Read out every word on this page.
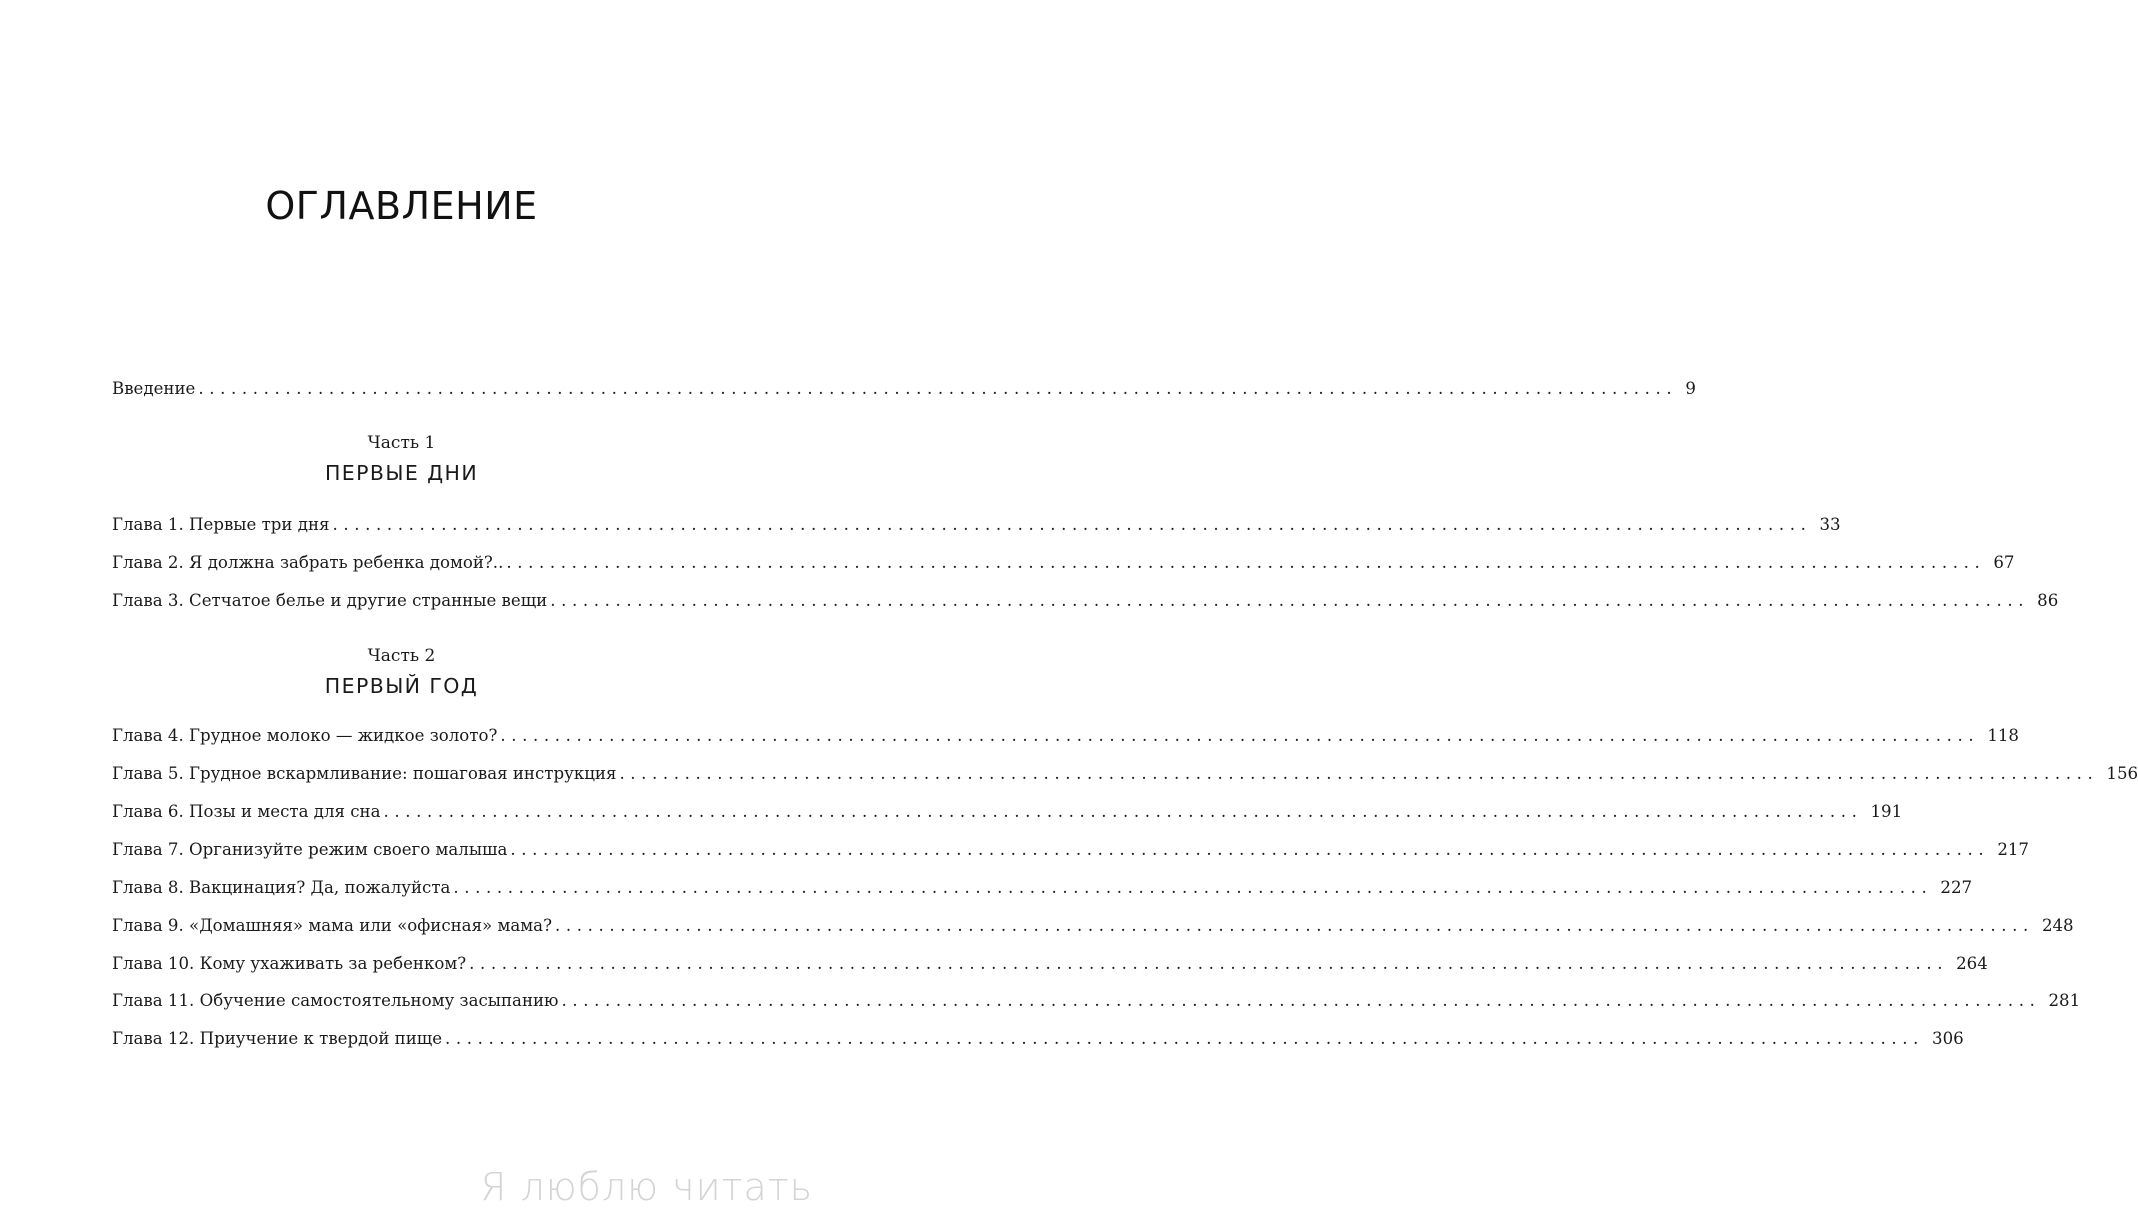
ОГЛАВЛЕНИЕ
Введение ........................................................................................................................................ 9
Глава 1. Первые три дня ........................................................................................................................................ 33
Глава 2. Я должна забрать ребенка домой?.. ........................................................................................................................................ 67
Глава 3. Сетчатое белье и другие странные вещи ........................................................................................................................................ 86
Глава 4. Грудное молоко — жидкое золото? ........................................................................................................................................ 118
Глава 5. Грудное вскармливание: пошаговая инструкция ........................................................................................................................................ 156
Глава 6. Позы и места для сна ........................................................................................................................................ 191
Глава 7. Организуйте режим своего малыша ........................................................................................................................................ 217
Глава 8. Вакцинация? Да, пожалуйста ........................................................................................................................................ 227
Глава 9. «Домашняя» мама или «офисная» мама? ........................................................................................................................................ 248
Глава 10. Кому ухаживать за ребенком? ........................................................................................................................................ 264
Глава 11. Обучение самостоятельному засыпанию ........................................................................................................................................ 281
Глава 12. Приучение к твердой пище ........................................................................................................................................ 306
Часть 1
ПЕРВЫЕ ДНИ
Часть 2
ПЕРВЫЙ ГОД
Я люблю читать
